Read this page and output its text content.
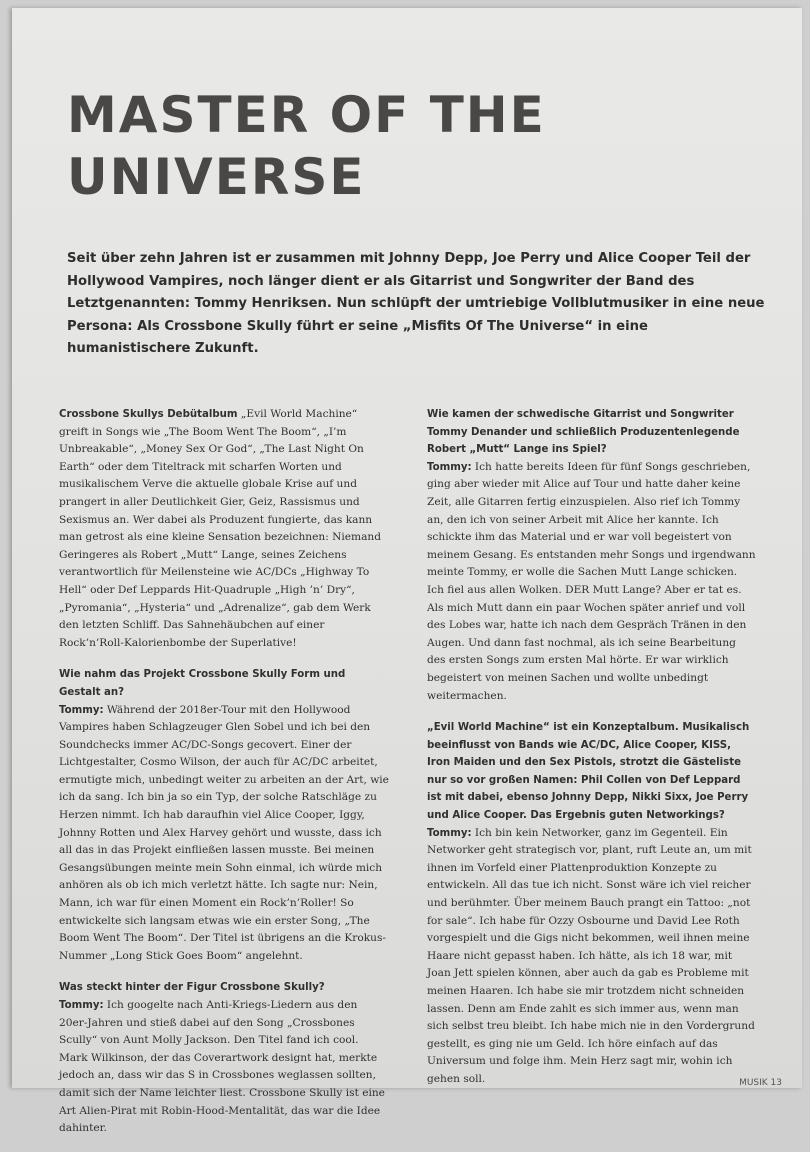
MASTER OF THE
UNIVERSE

Seit über zehn Jahren ist er zusammen mit Johnny Depp, Joe Perry und Alice Cooper Teil der Hollywood Vampires, noch länger dient er als Gitarrist und Songwriter der Band des Letztgenannten: Tommy Henriksen. Nun schlüpft der umtriebige Vollblutmusiker in eine neue Persona: Als Crossbone Skully führt er seine „Misfits Of The Universe“ in eine humanistischere Zukunft.

Crossbone Skullys Debütalbum „Evil World Machine“ greift in Songs wie „The Boom Went The Boom“, „I’m Unbreakable“, „Money Sex Or God“, „The Last Night On Earth“ oder dem Titeltrack mit scharfen Worten und musikalischem Verve die aktuelle globale Krise auf und prangert in aller Deutlichkeit Gier, Geiz, Rassismus und Sexismus an. Wer dabei als Produzent fungierte, das kann man getrost als eine kleine Sensation bezeichnen: Niemand Geringeres als Robert „Mutt“ Lange, seines Zeichens verantwortlich für Meilensteine wie AC/DCs „Highway To Hell“ oder Def Leppards Hit-Quadruple „High ’n’ Dry“, „Pyromania“, „Hysteria“ und „Adrenalize“, gab dem Werk den letzten Schliff. Das Sahnehäubchen auf einer Rock’n’Roll-Kalorienbombe der Superlative!

Wie nahm das Projekt Crossbone Skully Form und Gestalt an?
Tommy: Während der 2018er-Tour mit den Hollywood Vampires haben Schlagzeuger Glen Sobel und ich bei den Soundchecks immer AC/DC-Songs gecovert. Einer der Lichtgestalter, Cosmo Wilson, der auch für AC/DC arbeitet, ermutigte mich, unbedingt weiter zu arbeiten an der Art, wie ich da sang. Ich bin ja so ein Typ, der solche Ratschläge zu Herzen nimmt. Ich hab daraufhin viel Alice Cooper, Iggy, Johnny Rotten und Alex Harvey gehört und wusste, dass ich all das in das Projekt einfließen lassen musste. Bei meinen Gesangsübungen meinte mein Sohn einmal, ich würde mich anhören als ob ich mich verletzt hätte. Ich sagte nur: Nein, Mann, ich war für einen Moment ein Rock’n’Roller! So entwickelte sich langsam etwas wie ein erster Song, „The Boom Went The Boom“. Der Titel ist übrigens an die Krokus-Nummer „Long Stick Goes Boom“ angelehnt.

Was steckt hinter der Figur Crossbone Skully?
Tommy: Ich googelte nach Anti-Kriegs-Liedern aus den 20er-Jahren und stieß dabei auf den Song „Crossbones Scully“ von Aunt Molly Jackson. Den Titel fand ich cool. Mark Wilkinson, der das Coverartwork designt hat, merkte jedoch an, dass wir das S in Crossbones weglassen sollten, damit sich der Name leichter liest. Crossbone Skully ist eine Art Alien-Pirat mit Robin-Hood-Mentalität, das war die Idee dahinter.

Wie kamen der schwedische Gitarrist und Songwriter Tommy Denander und schließlich Produzentenlegende Robert „Mutt“ Lange ins Spiel?
Tommy: Ich hatte bereits Ideen für fünf Songs geschrieben, ging aber wieder mit Alice auf Tour und hatte daher keine Zeit, alle Gitarren fertig einzuspielen. Also rief ich Tommy an, den ich von seiner Arbeit mit Alice her kannte. Ich schickte ihm das Material und er war voll begeistert von meinem Gesang. Es entstanden mehr Songs und irgendwann meinte Tommy, er wolle die Sachen Mutt Lange schicken. Ich fiel aus allen Wolken. DER Mutt Lange? Aber er tat es. Als mich Mutt dann ein paar Wochen später anrief und voll des Lobes war, hatte ich nach dem Gespräch Tränen in den Augen. Und dann fast nochmal, als ich seine Bearbeitung des ersten Songs zum ersten Mal hörte. Er war wirklich begeistert von meinen Sachen und wollte unbedingt weitermachen.

„Evil World Machine“ ist ein Konzeptalbum. Musikalisch beeinflusst von Bands wie AC/DC, Alice Cooper, KISS, Iron Maiden und den Sex Pistols, strotzt die Gästeliste nur so vor großen Namen: Phil Collen von Def Leppard ist mit dabei, ebenso Johnny Depp, Nikki Sixx, Joe Perry und Alice Cooper. Das Ergebnis guten Networkings?
Tommy: Ich bin kein Networker, ganz im Gegenteil. Ein Networker geht strategisch vor, plant, ruft Leute an, um mit ihnen im Vorfeld einer Plattenproduktion Konzepte zu entwickeln. All das tue ich nicht. Sonst wäre ich viel reicher und berühmter. Über meinem Bauch prangt ein Tattoo: „not for sale“. Ich habe für Ozzy Osbourne und David Lee Roth vorgespielt und die Gigs nicht bekommen, weil ihnen meine Haare nicht gepasst haben. Ich hätte, als ich 18 war, mit Joan Jett spielen können, aber auch da gab es Probleme mit meinen Haaren. Ich habe sie mir trotzdem nicht schneiden lassen. Denn am Ende zahlt es sich immer aus, wenn man sich selbst treu bleibt. Ich habe mich nie in den Vordergrund gestellt, es ging nie um Geld. Ich höre einfach auf das Universum und folge ihm. Mein Herz sagt mir, wohin ich gehen soll.	MUSIK 13
